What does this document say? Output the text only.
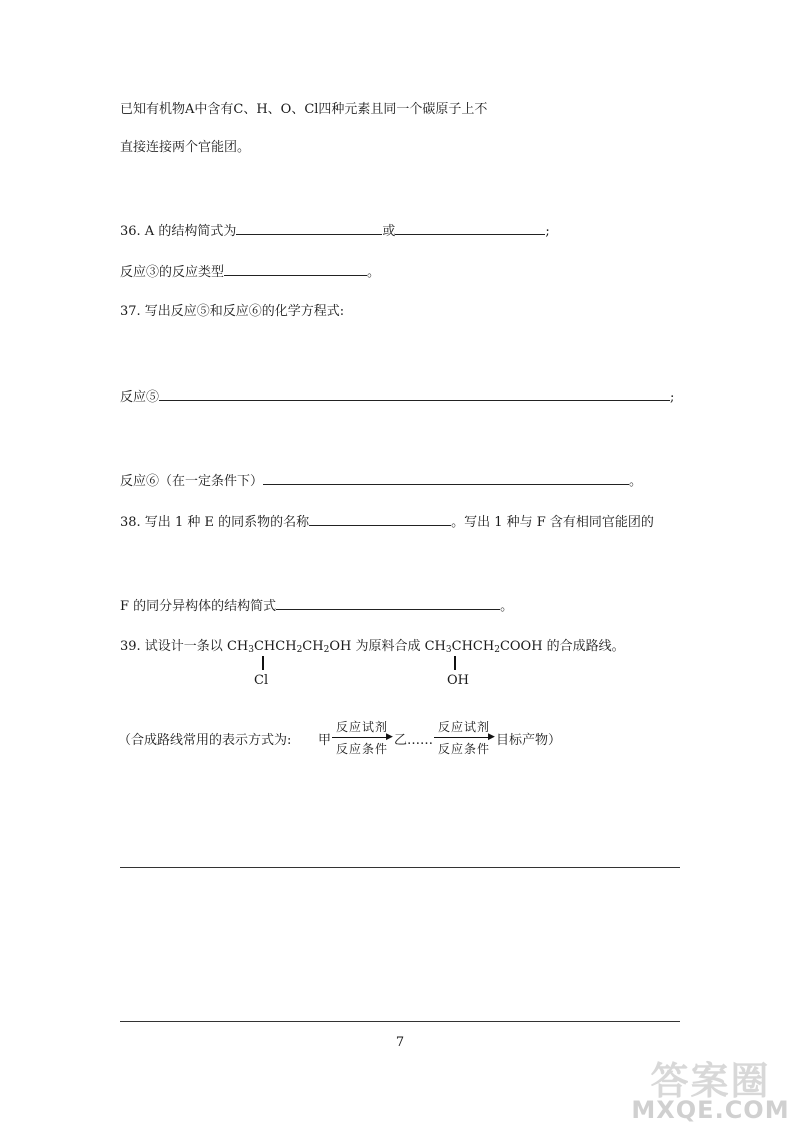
已知有机物A中含有C、H、O、Cl四种元素且同一个碳原子上不
直接连接两个官能团。
36. A 的结构简式为	或	;
反应③的反应类型	。
37. 写出反应⑤和反应⑥的化学方程式:
反应⑤	;
反应⑥（在一定条件下）	。
38. 写出 1 种 E 的同系物的名称	。写出 1 种与 F 含有相同官能团的
F 的同分异构体的结构简式	。
39. 试设计一条以 $CH_3CHCH_2CH_2OH$ 为原料合成 $CH_3CHCH_2COOH$ 的合成路线。
Cl	OH
（合成路线常用的表示方式为: 甲
反应试剂
▶
反应条件
乙……
反应试剂
▶
反应条件
目标产物）
7
答案圈
MXQE.COM
